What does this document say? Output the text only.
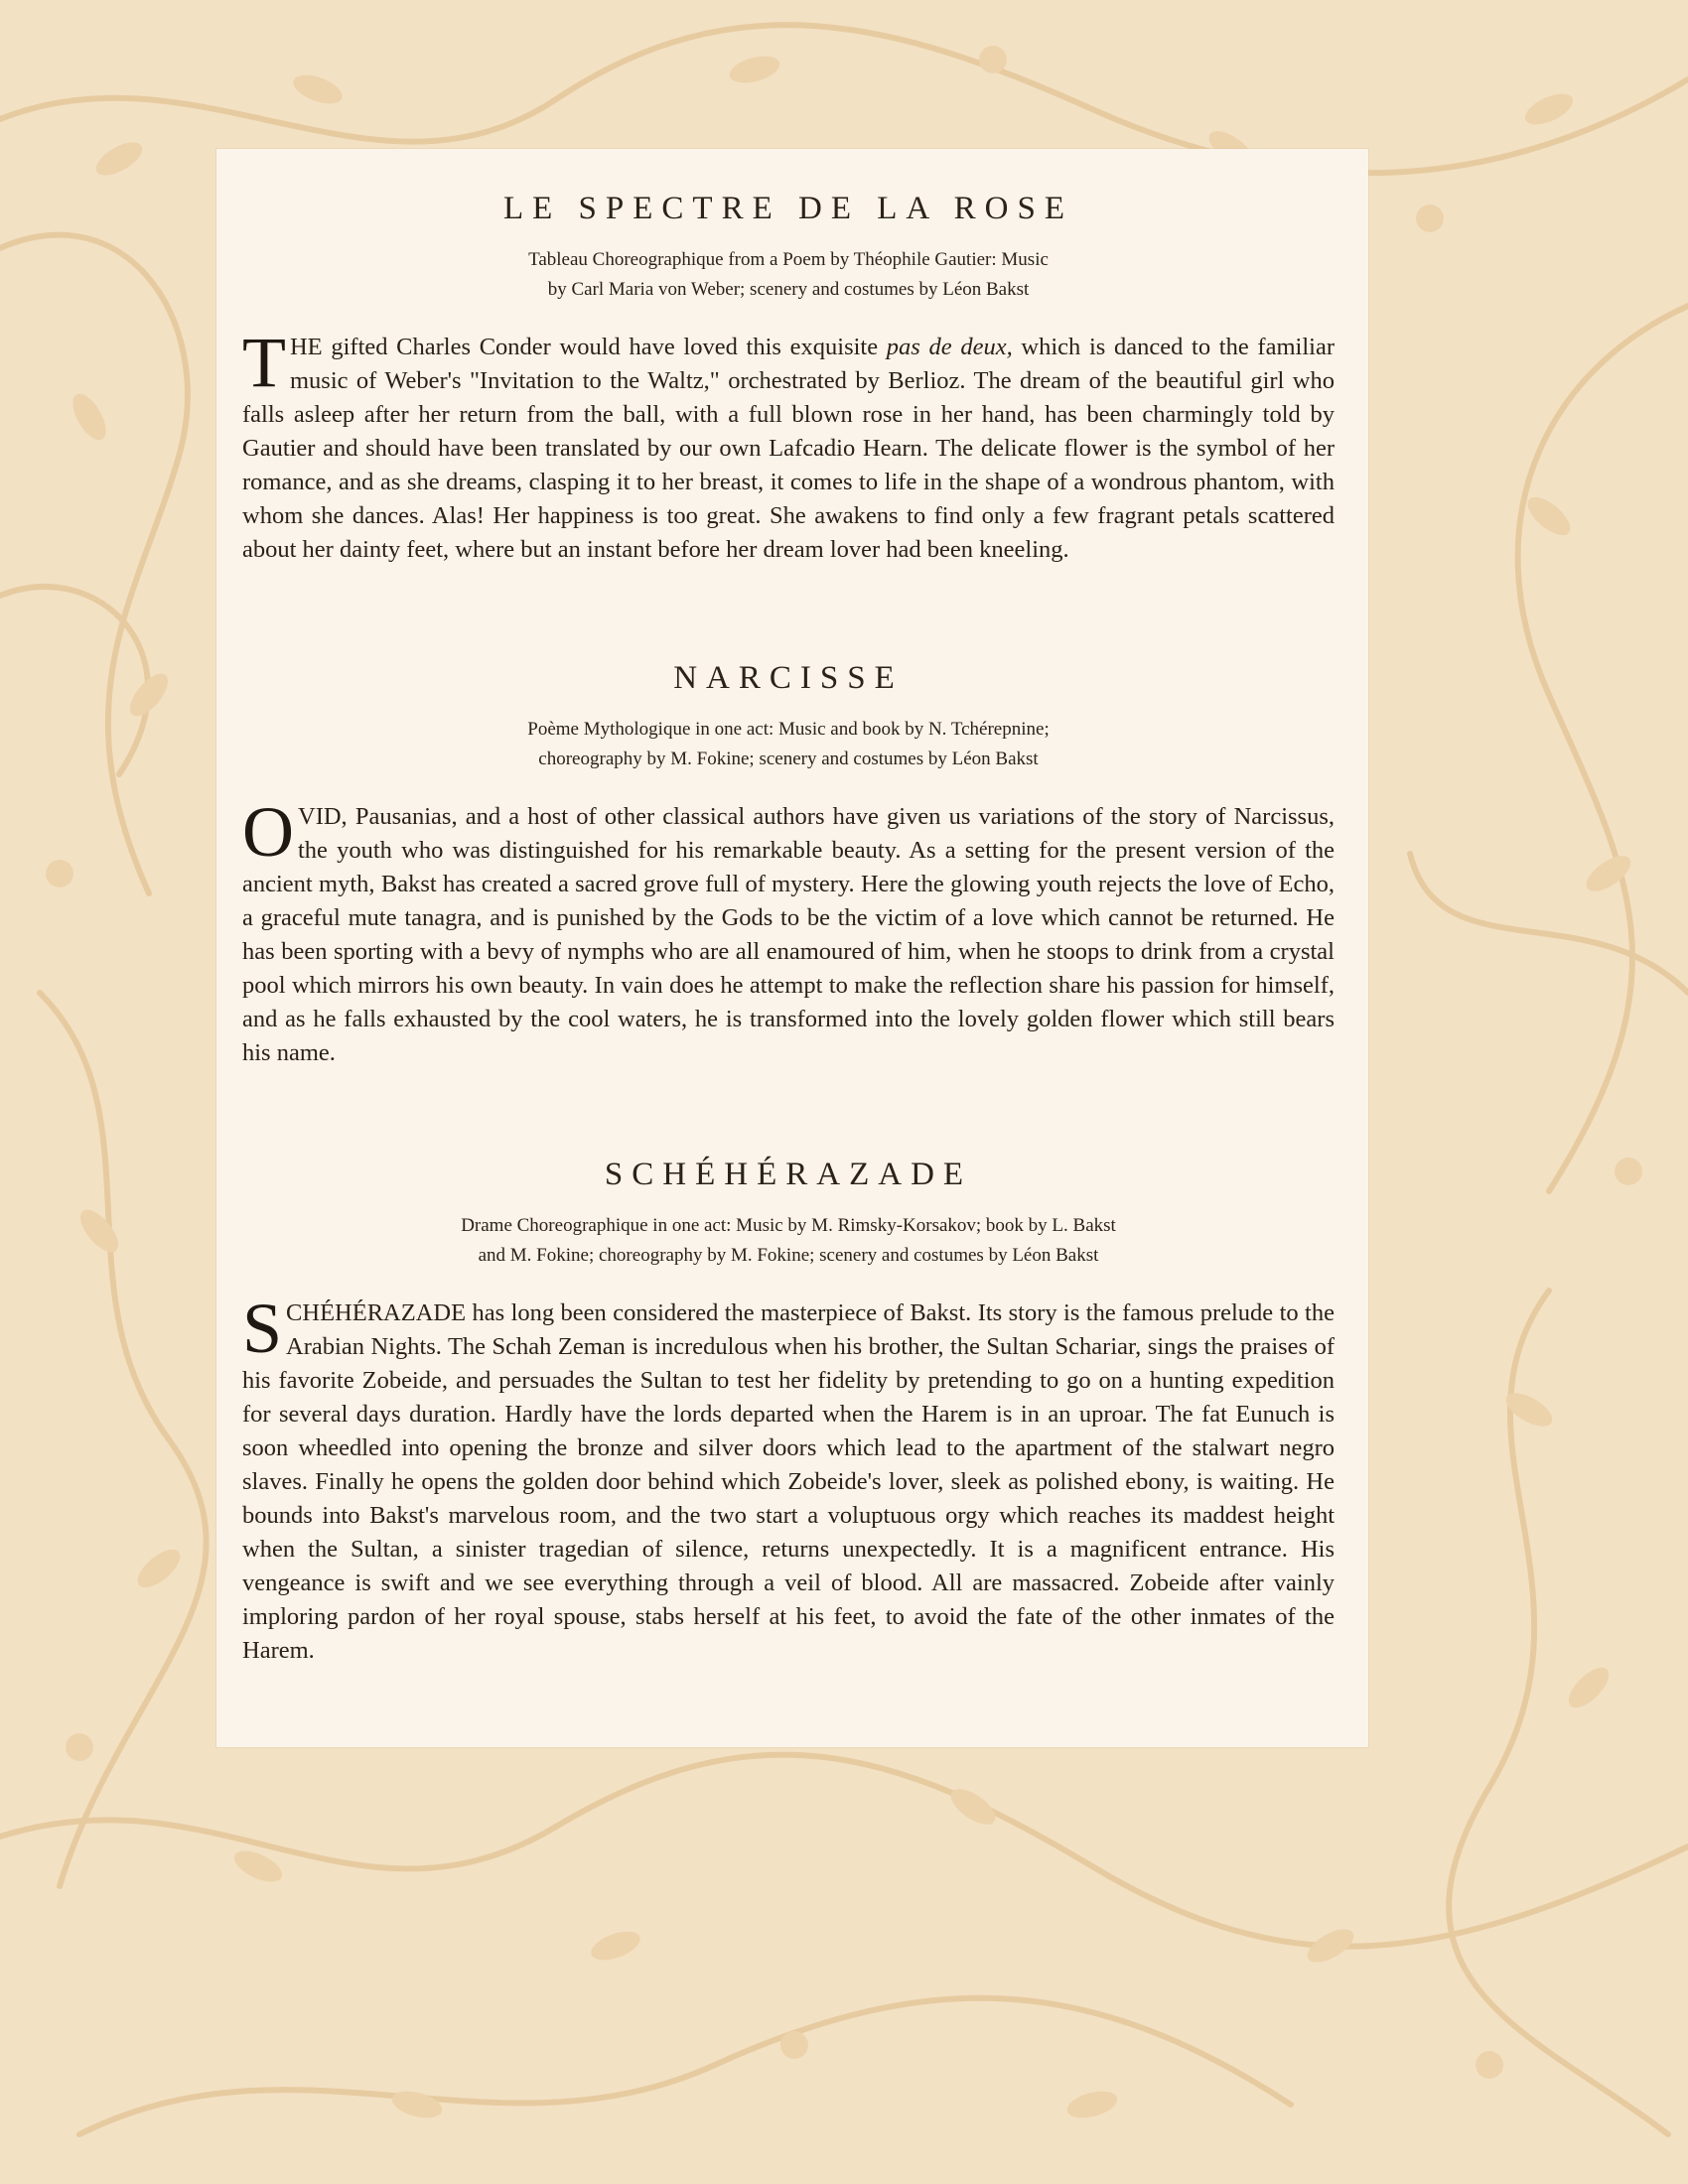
LE SPECTRE DE LA ROSE

Tableau Choreographique from a Poem by Théophile Gautier: Music
by Carl Maria von Weber; scenery and costumes by Léon Bakst

THE gifted Charles Conder would have loved this exquisite pas de deux, which is danced to the familiar music of Weber's "Invitation to the Waltz," orchestrated by Berlioz. The dream of the beautiful girl who falls asleep after her return from the ball, with a full blown rose in her hand, has been charmingly told by Gautier and should have been translated by our own Lafcadio Hearn. The delicate flower is the symbol of her romance, and as she dreams, clasping it to her breast, it comes to life in the shape of a wondrous phantom, with whom she dances. Alas! Her happiness is too great. She awakens to find only a few fragrant petals scattered about her dainty feet, where but an instant before her dream lover had been kneeling.

NARCISSE

Poème Mythologique in one act: Music and book by N. Tchérepnine;
choreography by M. Fokine; scenery and costumes by Léon Bakst

OVID, Pausanias, and a host of other classical authors have given us variations of the story of Narcissus, the youth who was distinguished for his remarkable beauty. As a setting for the present version of the ancient myth, Bakst has created a sacred grove full of mystery. Here the glowing youth rejects the love of Echo, a graceful mute tanagra, and is punished by the Gods to be the victim of a love which cannot be returned. He has been sporting with a bevy of nymphs who are all enamoured of him, when he stoops to drink from a crystal pool which mirrors his own beauty. In vain does he attempt to make the reflection share his passion for himself, and as he falls exhausted by the cool waters, he is transformed into the lovely golden flower which still bears his name.

SCHÉHÉRAZADE

Drame Choreographique in one act: Music by M. Rimsky-Korsakov; book by L. Bakst
and M. Fokine; choreography by M. Fokine; scenery and costumes by Léon Bakst

SCHÉHÉRAZADE has long been considered the masterpiece of Bakst. Its story is the famous prelude to the Arabian Nights. The Schah Zeman is incredulous when his brother, the Sultan Schariar, sings the praises of his favorite Zobeide, and persuades the Sultan to test her fidelity by pretending to go on a hunting expedition for several days duration. Hardly have the lords departed when the Harem is in an uproar. The fat Eunuch is soon wheedled into opening the bronze and silver doors which lead to the apartment of the stalwart negro slaves. Finally he opens the golden door behind which Zobeide's lover, sleek as polished ebony, is waiting. He bounds into Bakst's marvelous room, and the two start a voluptuous orgy which reaches its maddest height when the Sultan, a sinister tragedian of silence, returns unexpectedly. It is a magnificent entrance. His vengeance is swift and we see everything through a veil of blood. All are massacred. Zobeide after vainly imploring pardon of her royal spouse, stabs herself at his feet, to avoid the fate of the other inmates of the Harem.
